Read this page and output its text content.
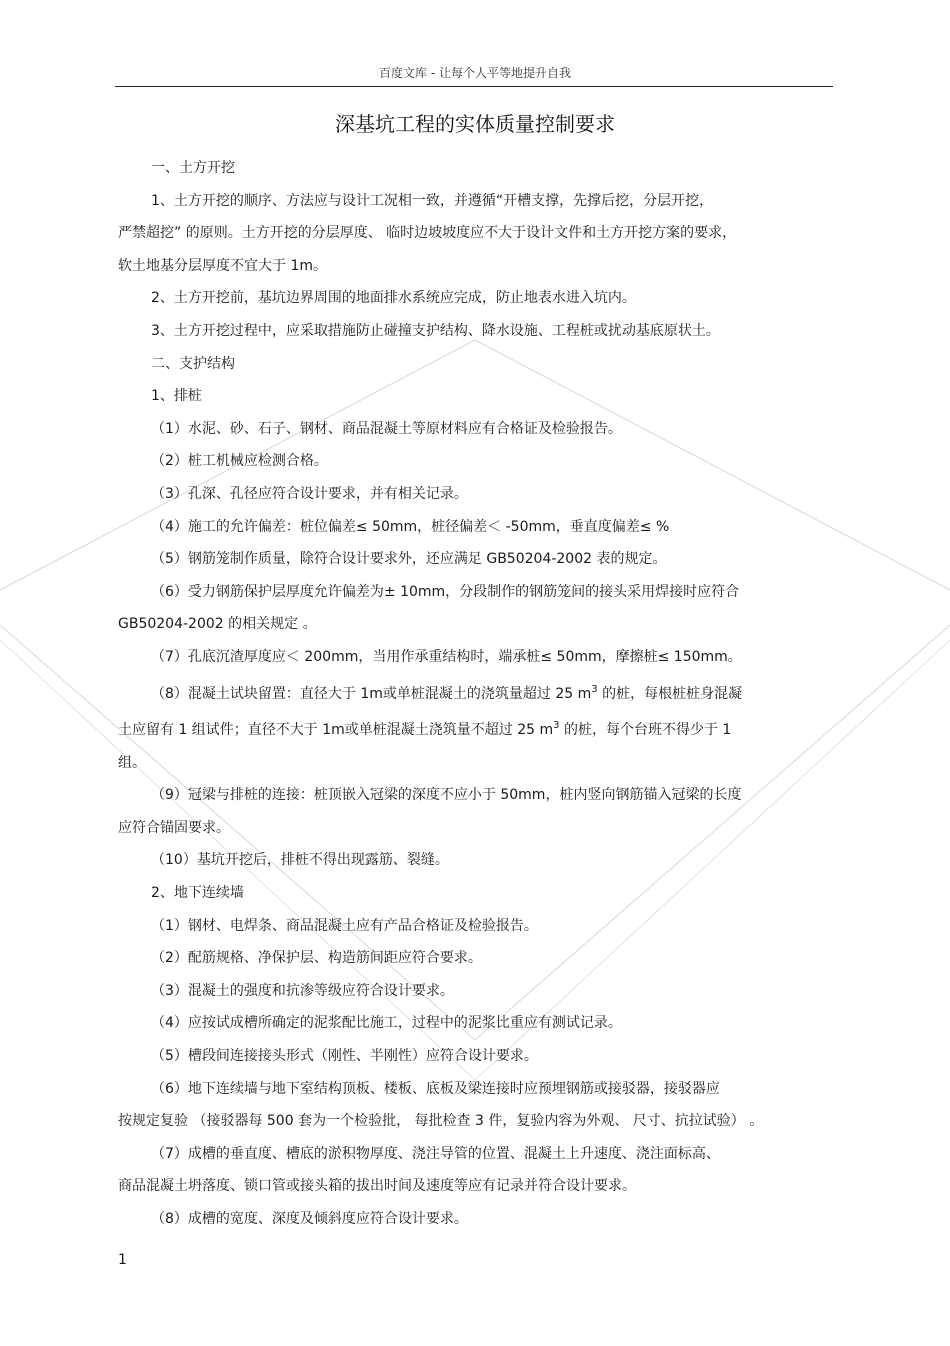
百度文库 - 让每个人平等地提升自我
深基坑工程的实体质量控制要求

一、土方开挖

1、土方开挖的顺序、方法应与设计工况相一致，并遵循“开槽支撑，先撑后挖，分层开挖，

严禁超挖” 的原则。土方开挖的分层厚度、 临时边坡坡度应不大于设计文件和土方开挖方案的要求，

软土地基分层厚度不宜大于 1m。

2、土方开挖前，基坑边界周围的地面排水系统应完成，防止地表水进入坑内。

3、土方开挖过程中，应采取措施防止碰撞支护结构、降水设施、工程桩或扰动基底原状土。

二、支护结构

1、排桩

（1）水泥、砂、石子、钢材、商品混凝土等原材料应有合格证及检验报告。

（2）桩工机械应检测合格。

（3）孔深、孔径应符合设计要求，并有相关记录。

（4）施工的允许偏差：桩位偏差≤ 50mm，桩径偏差＜ -50mm，垂直度偏差≤ %

（5）钢筋笼制作质量，除符合设计要求外，还应满足 GB50204-2002 表的规定。

（6）受力钢筋保护层厚度允许偏差为± 10mm，分段制作的钢筋笼间的接头采用焊接时应符合

GB50204-2002 的相关规定 。

（7）孔底沉渣厚度应＜ 200mm，当用作承重结构时，端承桩≤ 50mm，摩擦桩≤ 150mm。

（8）混凝土试块留置：直径大于 1m或单桩混凝土的浇筑量超过 25 $m^3$ 的桩，每根桩桩身混凝

土应留有 1 组试件；直径不大于 1m或单桩混凝土浇筑量不超过 25 $m^3$ 的桩，每个台班不得少于 1

组。

（9）冠梁与排桩的连接：桩顶嵌入冠梁的深度不应小于 50mm，桩内竖向钢筋锚入冠梁的长度

应符合锚固要求。

（10）基坑开挖后，排桩不得出现露筋、裂缝。

2、地下连续墙

（1）钢材、电焊条、商品混凝土应有产品合格证及检验报告。

（2）配筋规格、净保护层、构造筋间距应符合要求。

（3）混凝土的强度和抗渗等级应符合设计要求。

（4）应按试成槽所确定的泥浆配比施工，过程中的泥浆比重应有测试记录。

（5）槽段间连接接头形式（刚性、半刚性）应符合设计要求。

（6）地下连续墙与地下室结构顶板、楼板、底板及梁连接时应预埋钢筋或接驳器，接驳器应

按规定复验 （接驳器每 500 套为一个检验批， 每批检查 3 件，复验内容为外观、 尺寸、抗拉试验） 。

（7）成槽的垂直度、槽底的淤积物厚度、浇注导管的位置、混凝土上升速度、浇注面标高、

商品混凝土坍落度、锁口管或接头箱的拔出时间及速度等应有记录并符合设计要求。

（8）成槽的宽度、深度及倾斜度应符合设计要求。

1
